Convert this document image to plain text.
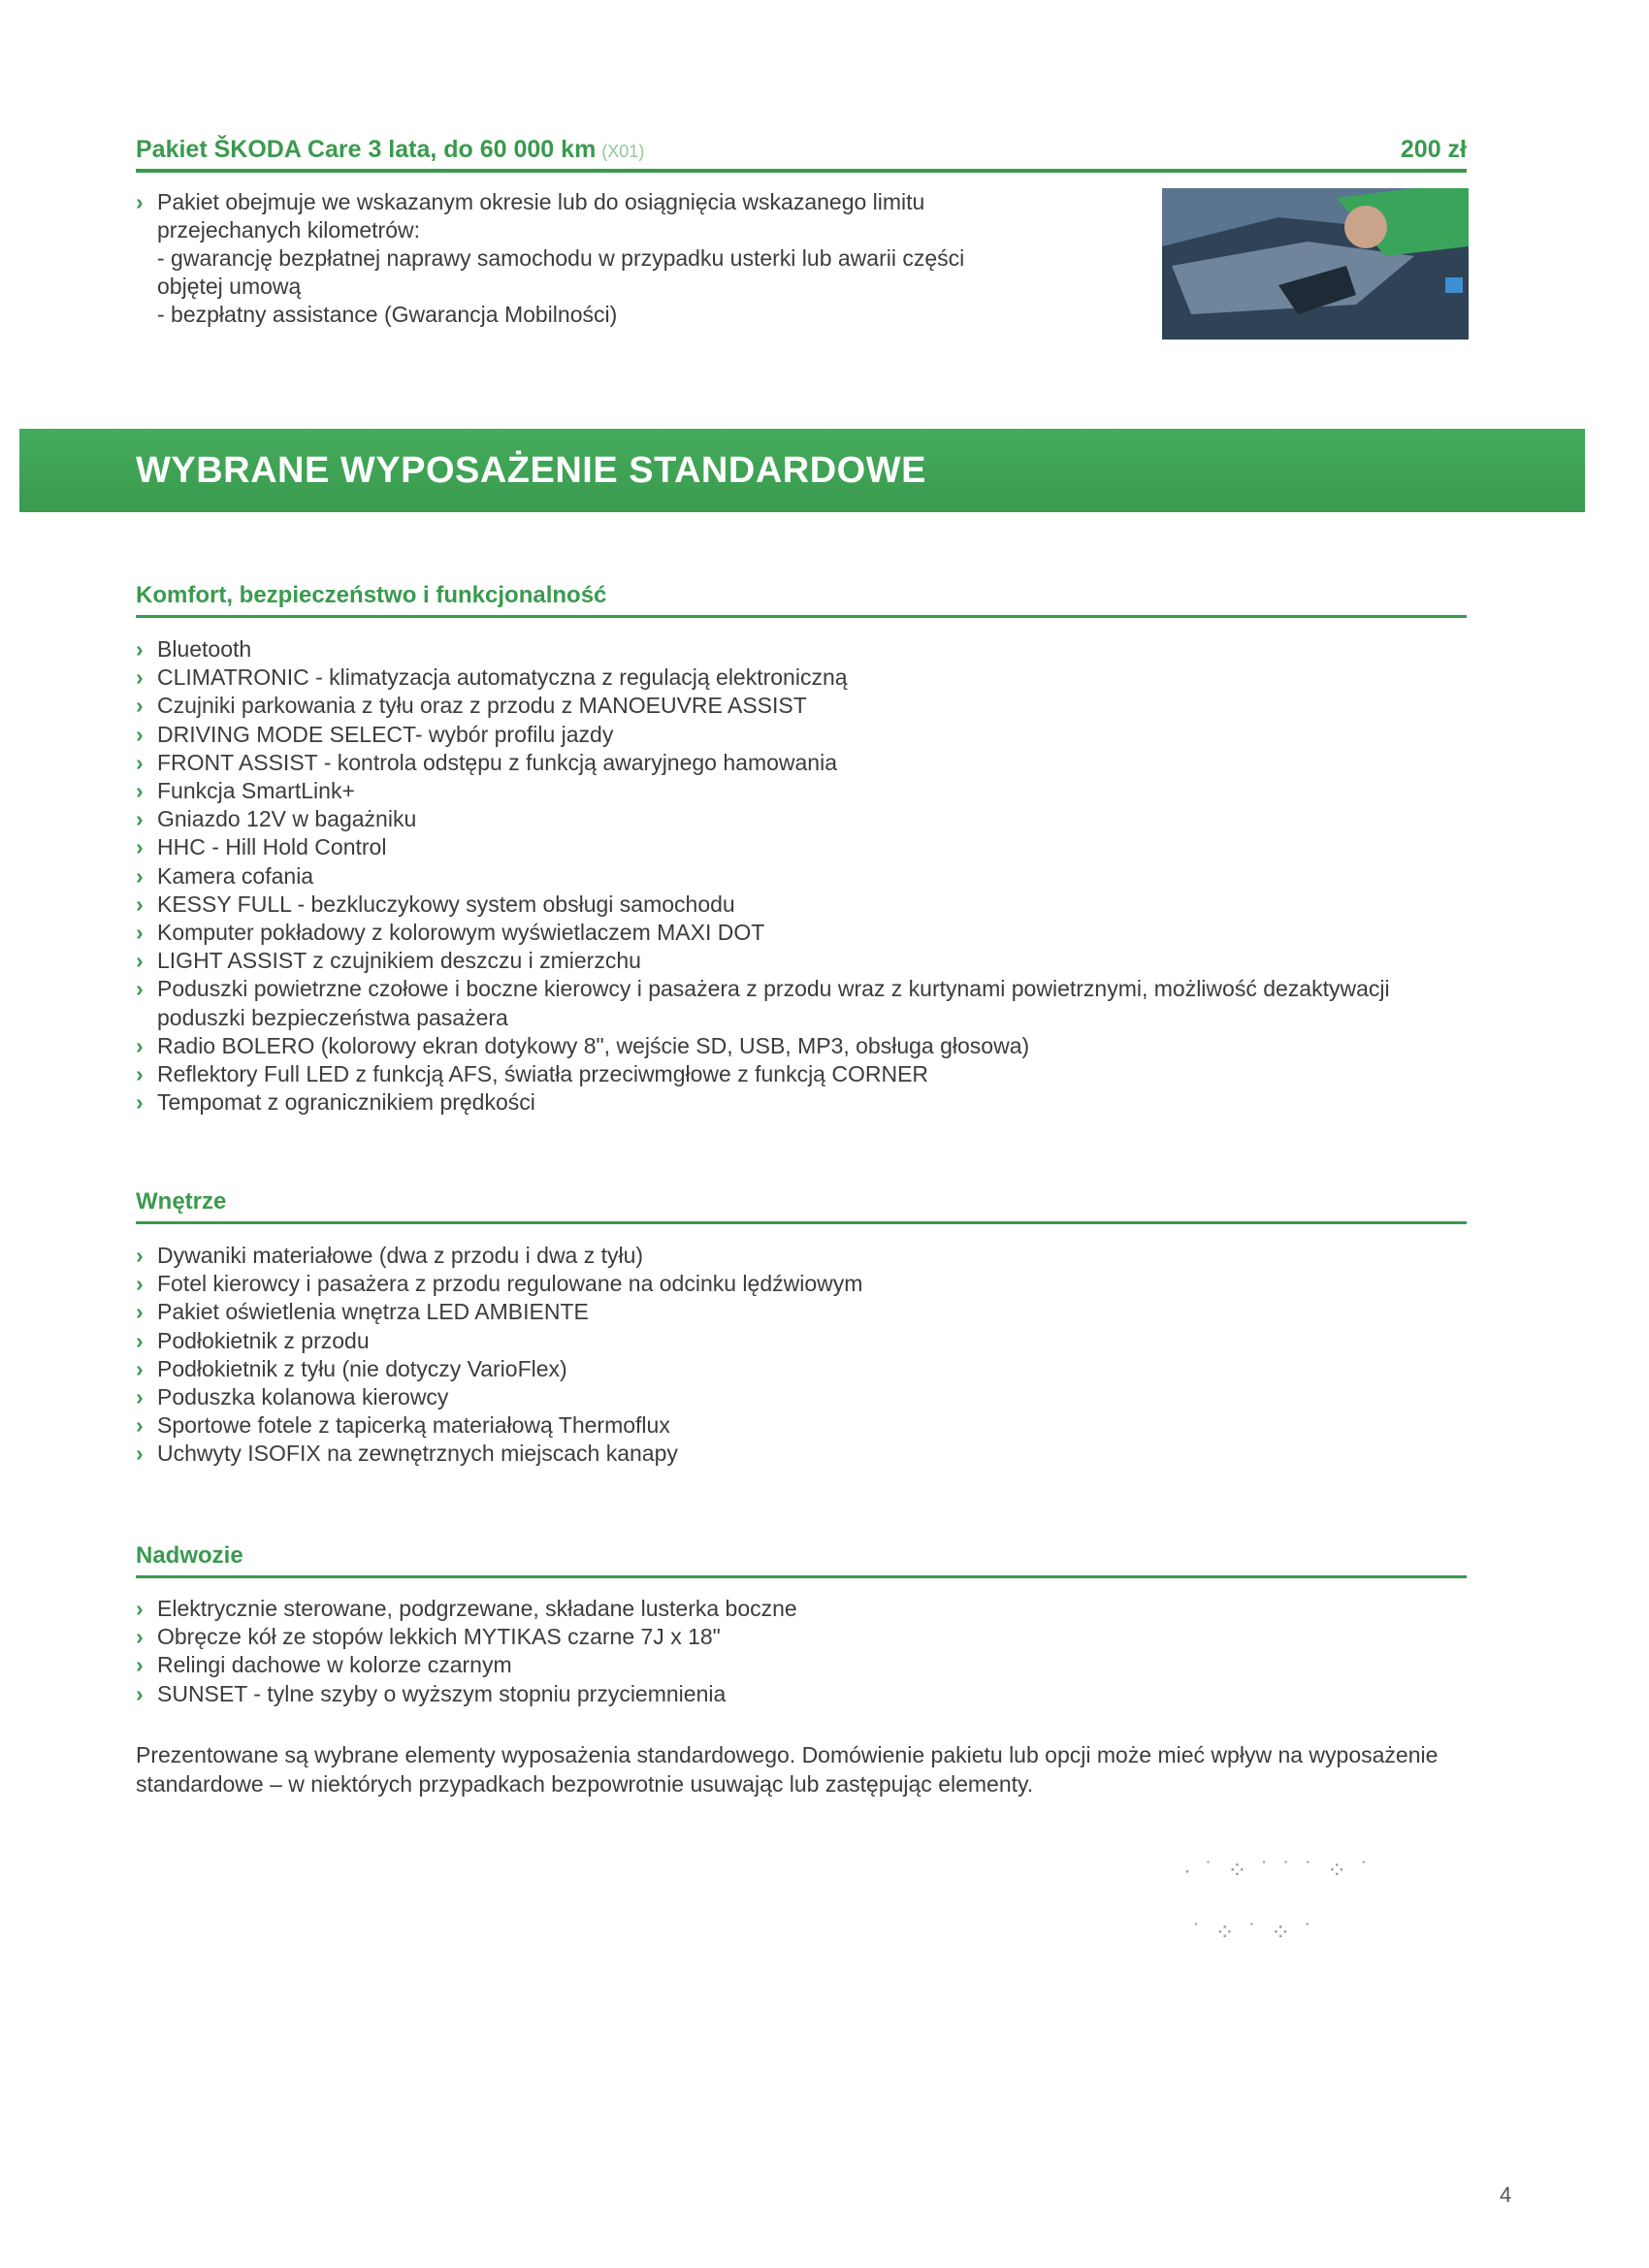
Pakiet ŠKODA Care 3 lata, do 60 000 km (X01)	200 zł
› Pakiet obejmuje we wskazanym okresie lub do osiągnięcia wskazanego limitu
przejechanych kilometrów:
- gwarancję bezpłatnej naprawy samochodu w przypadku usterki lub awarii części
objętej umową
- bezpłatny assistance (Gwarancja Mobilności)
WYBRANE WYPOSAŻENIE STANDARDOWE
Komfort, bezpieczeństwo i funkcjonalność
› Bluetooth
› CLIMATRONIC - klimatyzacja automatyczna z regulacją elektroniczną
› Czujniki parkowania z tyłu oraz z przodu z MANOEUVRE ASSIST
› DRIVING MODE SELECT- wybór profilu jazdy
› FRONT ASSIST - kontrola odstępu z funkcją awaryjnego hamowania
› Funkcja SmartLink+
› Gniazdo 12V w bagażniku
› HHC - Hill Hold Control
› Kamera cofania
› KESSY FULL - bezkluczykowy system obsługi samochodu
› Komputer pokładowy z kolorowym wyświetlaczem MAXI DOT
› LIGHT ASSIST z czujnikiem deszczu i zmierzchu
› Poduszki powietrzne czołowe i boczne kierowcy i pasażera z przodu wraz z kurtynami powietrznymi, możliwość dezaktywacji poduszki bezpieczeństwa pasażera
› Radio BOLERO (kolorowy ekran dotykowy 8", wejście SD, USB, MP3, obsługa głosowa)
› Reflektory Full LED z funkcją AFS, światła przeciwmgłowe z funkcją CORNER
› Tempomat z ogranicznikiem prędkości
Wnętrze
› Dywaniki materiałowe (dwa z przodu i dwa z tyłu)
› Fotel kierowcy i pasażera z przodu regulowane na odcinku lędźwiowym
› Pakiet oświetlenia wnętrza LED AMBIENTE
› Podłokietnik z przodu
› Podłokietnik z tyłu (nie dotyczy VarioFlex)
› Poduszka kolanowa kierowcy
› Sportowe fotele z tapicerką materiałową Thermoflux
› Uchwyty ISOFIX na zewnętrznych miejscach kanapy
Nadwozie
› Elektrycznie sterowane, podgrzewane, składane lusterka boczne
› Obręcze kół ze stopów lekkich MYTIKAS czarne 7J x 18"
› Relingi dachowe w kolorze czarnym
› SUNSET - tylne szyby o wyższym stopniu przyciemnienia
Prezentowane są wybrane elementy wyposażenia standardowego. Domówienie pakietu lub opcji może mieć wpływ na wyposażenie standardowe – w niektórych przypadkach bezpowrotnie usuwając lub zastępując elementy.
· ˙ ⁘ ˙ ˙ ˙ ⁘ ˙
˙ ⁘ ˙ ⁘ ˙
4
